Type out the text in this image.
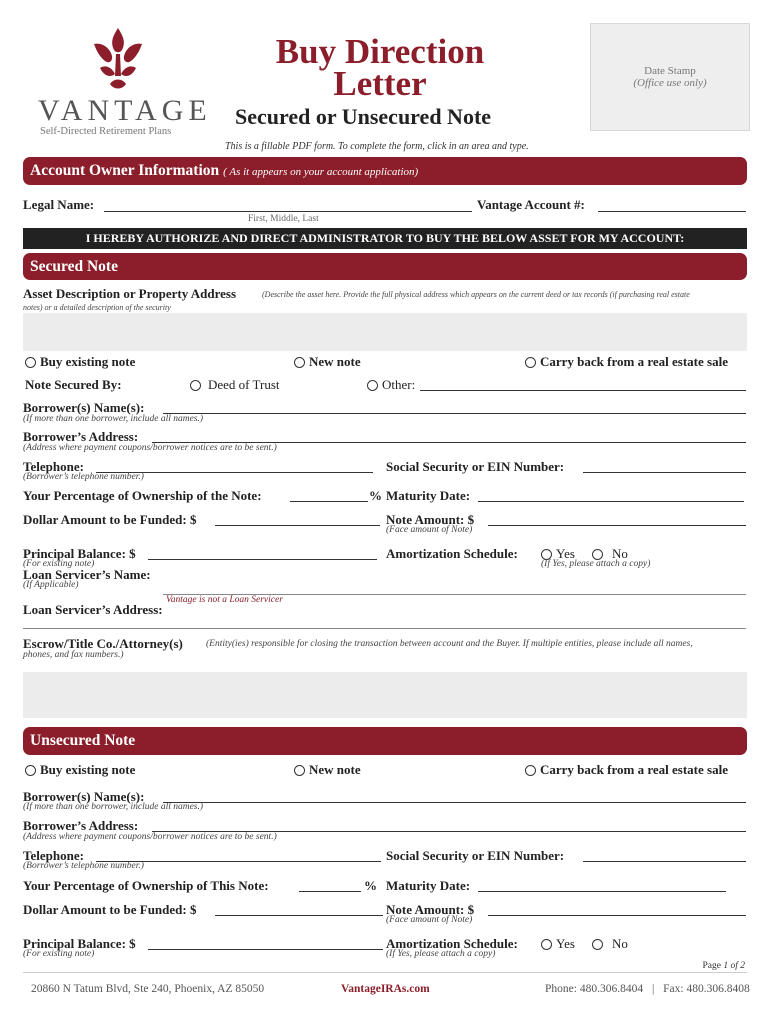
VANTAGE
Self-Directed Retirement Plans
Buy Direction
Letter
Secured or Unsecured Note
This is a fillable PDF form. To complete the form, click in an area and type.
Date Stamp
(Office use only)
Account Owner Information ( As it appears on your account application)
Legal Name:
First, Middle, Last
Vantage Account #:
I HEREBY AUTHORIZE AND DIRECT ADMINISTRATOR TO BUY THE BELOW ASSET FOR MY ACCOUNT:
Secured Note
Asset Description or Property Address	(Describe the asset here. Provide the full physical address which appears on the current deed or tax records (if purchasing real estate
notes) or a detailed description of the security
Buy existing note	New note	Carry back from a real estate sale
Note Secured By:	Deed of Trust	Other:
Borrower(s) Name(s):
(If more than one borrower, include all names.)
Borrower’s Address:
(Address where payment coupons/borrower notices are to be sent.)
Telephone:
(Borrower’s telephone number.)
Social Security or EIN Number:
Your Percentage of Ownership of the Note:	% Maturity Date:
Dollar Amount to be Funded: $	Note Amount: $
(Face amount of Note)
Principal Balance: $
(For existing note)
Amortization Schedule:	Yes	No
(If Yes, please attach a copy)
Loan Servicer’s Name:
(If Applicable)
Vantage is not a Loan Servicer
Loan Servicer’s Address:
Escrow/Title Co./Attorney(s) (Entity(ies) responsible for closing the transaction between account and the Buyer. If multiple entities, please include all names,
phones, and fax numbers.)
Unsecured Note
Buy existing note	New note	Carry back from a real estate sale
Borrower(s) Name(s):
(If more than one borrower, include all names.)
Borrower’s Address:
(Address where payment coupons/borrower notices are to be sent.)
Telephone:
(Borrower’s telephone number.)
Social Security or EIN Number:
Your Percentage of Ownership of This Note:	% Maturity Date:
Dollar Amount to be Funded: $	Note Amount: $
(Face amount of Note)
Principal Balance: $
(For existing note)
Amortization Schedule:	Yes	No
(If Yes, please attach a copy)
Page 1 of 2
20860 N Tatum Blvd, Ste 240, Phoenix, AZ 85050	VantageIRAs.com	Phone: 480.306.8404 | Fax: 480.306.8408
